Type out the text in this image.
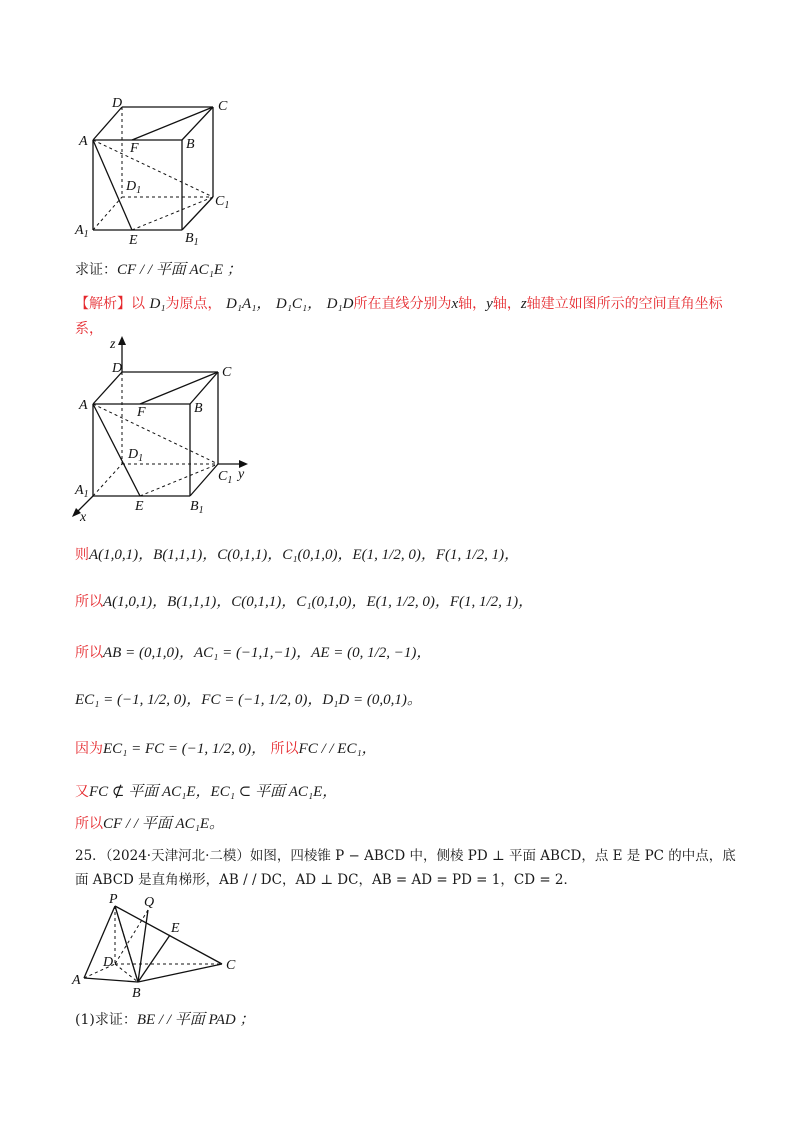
D	C
A	F	B
$D_1$
$C_1$
$A_1$	E	$B_1$
求证：CF / / 平面 AC₁E ；
【解析】以 D₁为原点， D₁A₁， D₁C₁， D₁D所在直线分别为x轴，y轴，z轴建立如图所示的空间直角坐标
系，
z
D	C
A	F	B
$D_1$
$C_1$ y
$A_1$
E	$B_1$
x
则A(1,0,1)，B(1,1,1)，C(0,1,1)，C₁(0,1,0)，E(1, 1/2, 0)，F(1, 1/2, 1)，
所以A(1,0,1)，B(1,1,1)，C(0,1,1)，C₁(0,1,0)，E(1, 1/2, 0)，F(1, 1/2, 1)，
所以AB = (0,1,0)，AC₁ = (−1,1,−1)，AE = (0, 1/2, −1)，
EC₁ = (−1, 1/2, 0)，FC = (−1, 1/2, 0)，D₁D = (0,0,1)。
因为EC₁ = FC = (−1, 1/2, 0)， 所以FC / / EC₁，
又FC ⊄ 平面 AC₁E，EC₁ ⊂ 平面 AC₁E，
所以CF / / 平面 AC₁E。
25．（2024·天津河北·二模）如图，四棱锥 P − ABCD 中，侧棱 PD ⊥ 平面 ABCD，点 E 是 PC 的中点，底
面 ABCD 是直角梯形，AB / / DC，AD ⊥ DC，AB = AD = PD = 1，CD = 2．
P Q
E
D
A
B
C
(1)求证：BE / / 平面 PAD ；
